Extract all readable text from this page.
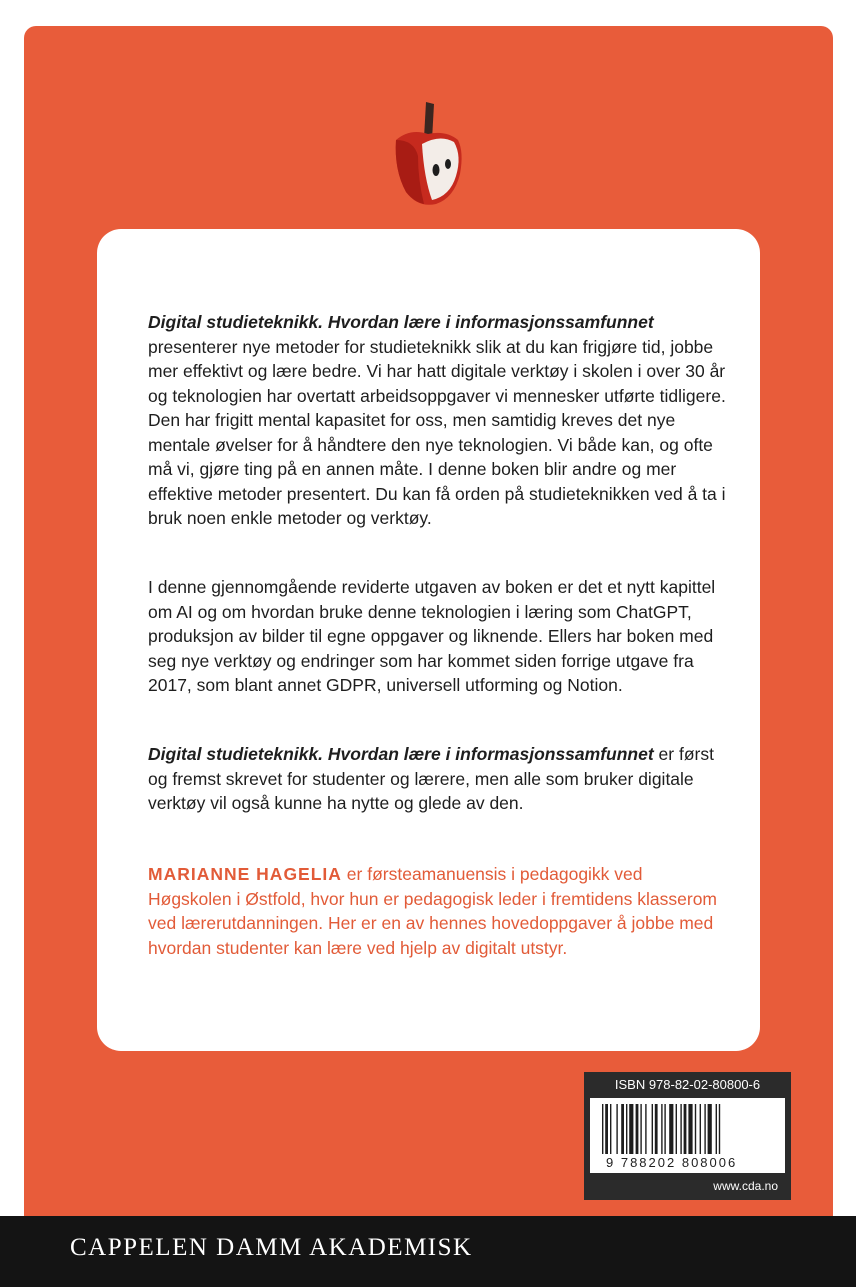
Digital studieteknikk. Hvordan lære i informasjonssamfunnet presenterer nye metoder for studieteknikk slik at du kan frigjøre tid, jobbe mer effektivt og lære bedre. Vi har hatt digitale verktøy i skolen i over 30 år og teknologien har overtatt arbeidsoppgaver vi mennesker utførte tidligere. Den har frigitt mental kapasitet for oss, men samtidig kreves det nye mentale øvelser for å håndtere den nye teknologien. Vi både kan, og ofte må vi, gjøre ting på en annen måte. I denne boken blir andre og mer effektive metoder presentert. Du kan få orden på studieteknikken ved å ta i bruk noen enkle metoder og verktøy.
I denne gjennomgående reviderte utgaven av boken er det et nytt kapittel om AI og om hvordan bruke denne teknologien i læring som ChatGPT, produksjon av bilder til egne oppgaver og liknende. Ellers har boken med seg nye verktøy og endringer som har kommet siden forrige utgave fra 2017, som blant annet GDPR, universell utforming og Notion.
Digital studieteknikk. Hvordan lære i informasjonssamfunnet er først og fremst skrevet for studenter og lærere, men alle som bruker digitale verktøy vil også kunne ha nytte og glede av den.
MARIANNE HAGELIA er førsteamanuensis i pedagogikk ved Høgskolen i Østfold, hvor hun er pedagogisk leder i fremtidens klasserom ved lærerutdanningen. Her er en av hennes hovedoppgaver å jobbe med hvordan studenter kan lære ved hjelp av digitalt utstyr.
ISBN 978-82-02-80800-6
9 788202 808006
www.cda.no
CAPPELEN DAMM AKADEMISK
